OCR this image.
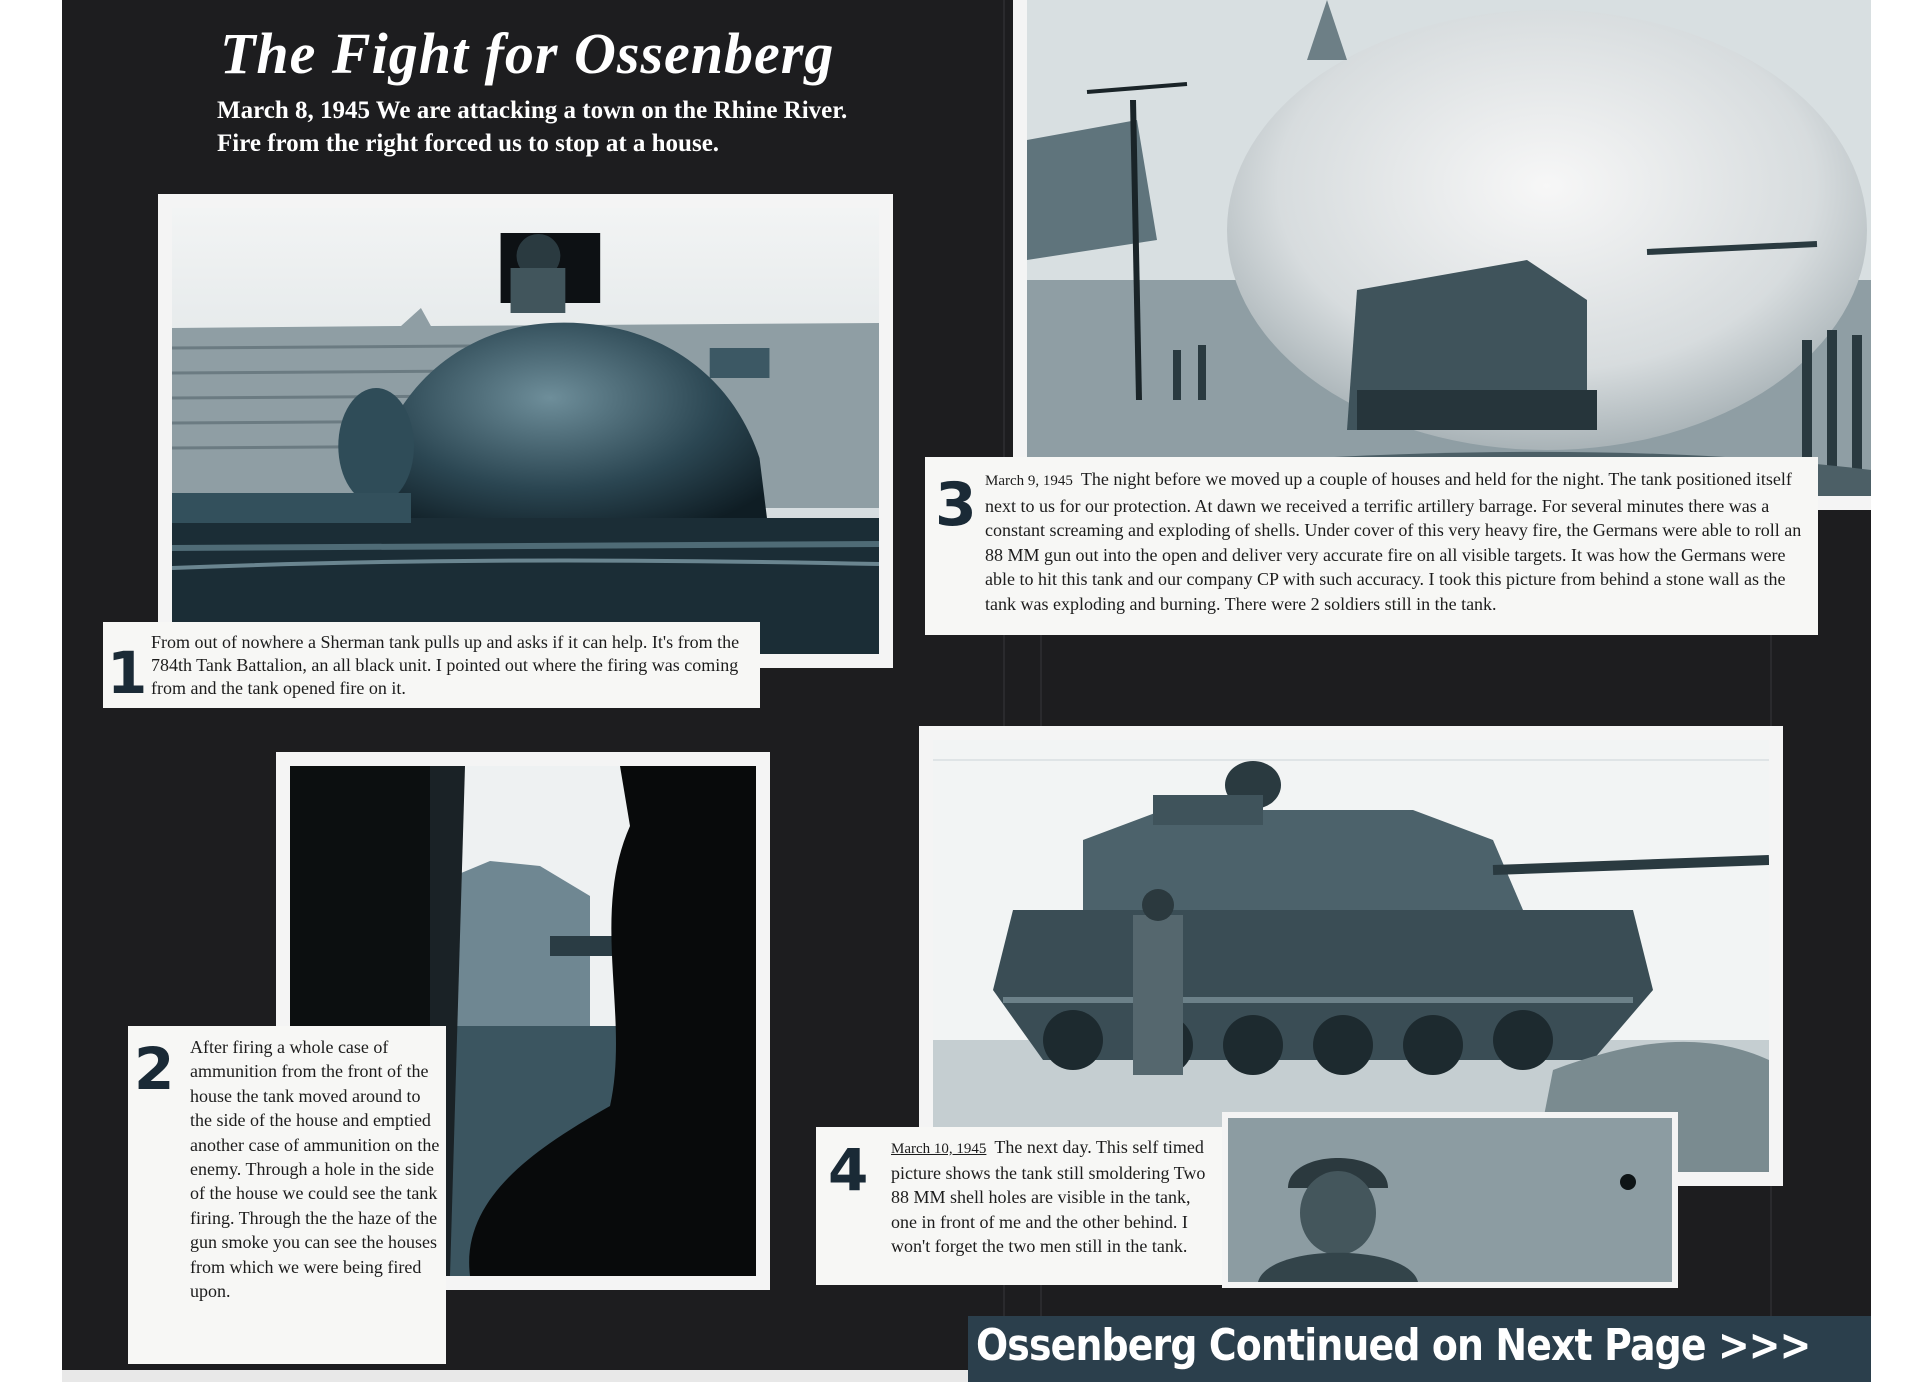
The Fight for Ossenberg

March 8, 1945 We are attacking a town on the Rhine River. Fire from the right forced us to stop at a house.

1 From out of nowhere a Sherman tank pulls up and asks if it can help. It's from the 784th Tank Battalion, an all black unit. I pointed out where the firing was coming from and the tank opened fire on it.

2 After firing a whole case of ammunition from the front of the house the tank moved around to the side of the house and emptied another case of ammunition on the enemy. Through a hole in the side of the house we could see the tank firing. Through the the haze of the gun smoke you can see the houses from which we were being fired upon.

3 March 9, 1945 The night before we moved up a couple of houses and held for the night. The tank positioned itself next to us for our protection. At dawn we received a terrific artillery barrage. For several minutes there was a constant screaming and exploding of shells. Under cover of this very heavy fire, the Germans were able to roll an 88 MM gun out into the open and deliver very accurate fire on all visible targets. It was how the Germans were able to hit this tank and our company CP with such accuracy. I took this picture from behind a stone wall as the tank was exploding and burning. There were 2 soldiers still in the tank.

4 March 10, 1945 The next day. This self timed picture shows the tank still smoldering Two 88 MM shell holes are visible in the tank, one in front of me and the other behind. I won't forget the two men still in the tank.

Ossenberg Continued on Next Page >>>
